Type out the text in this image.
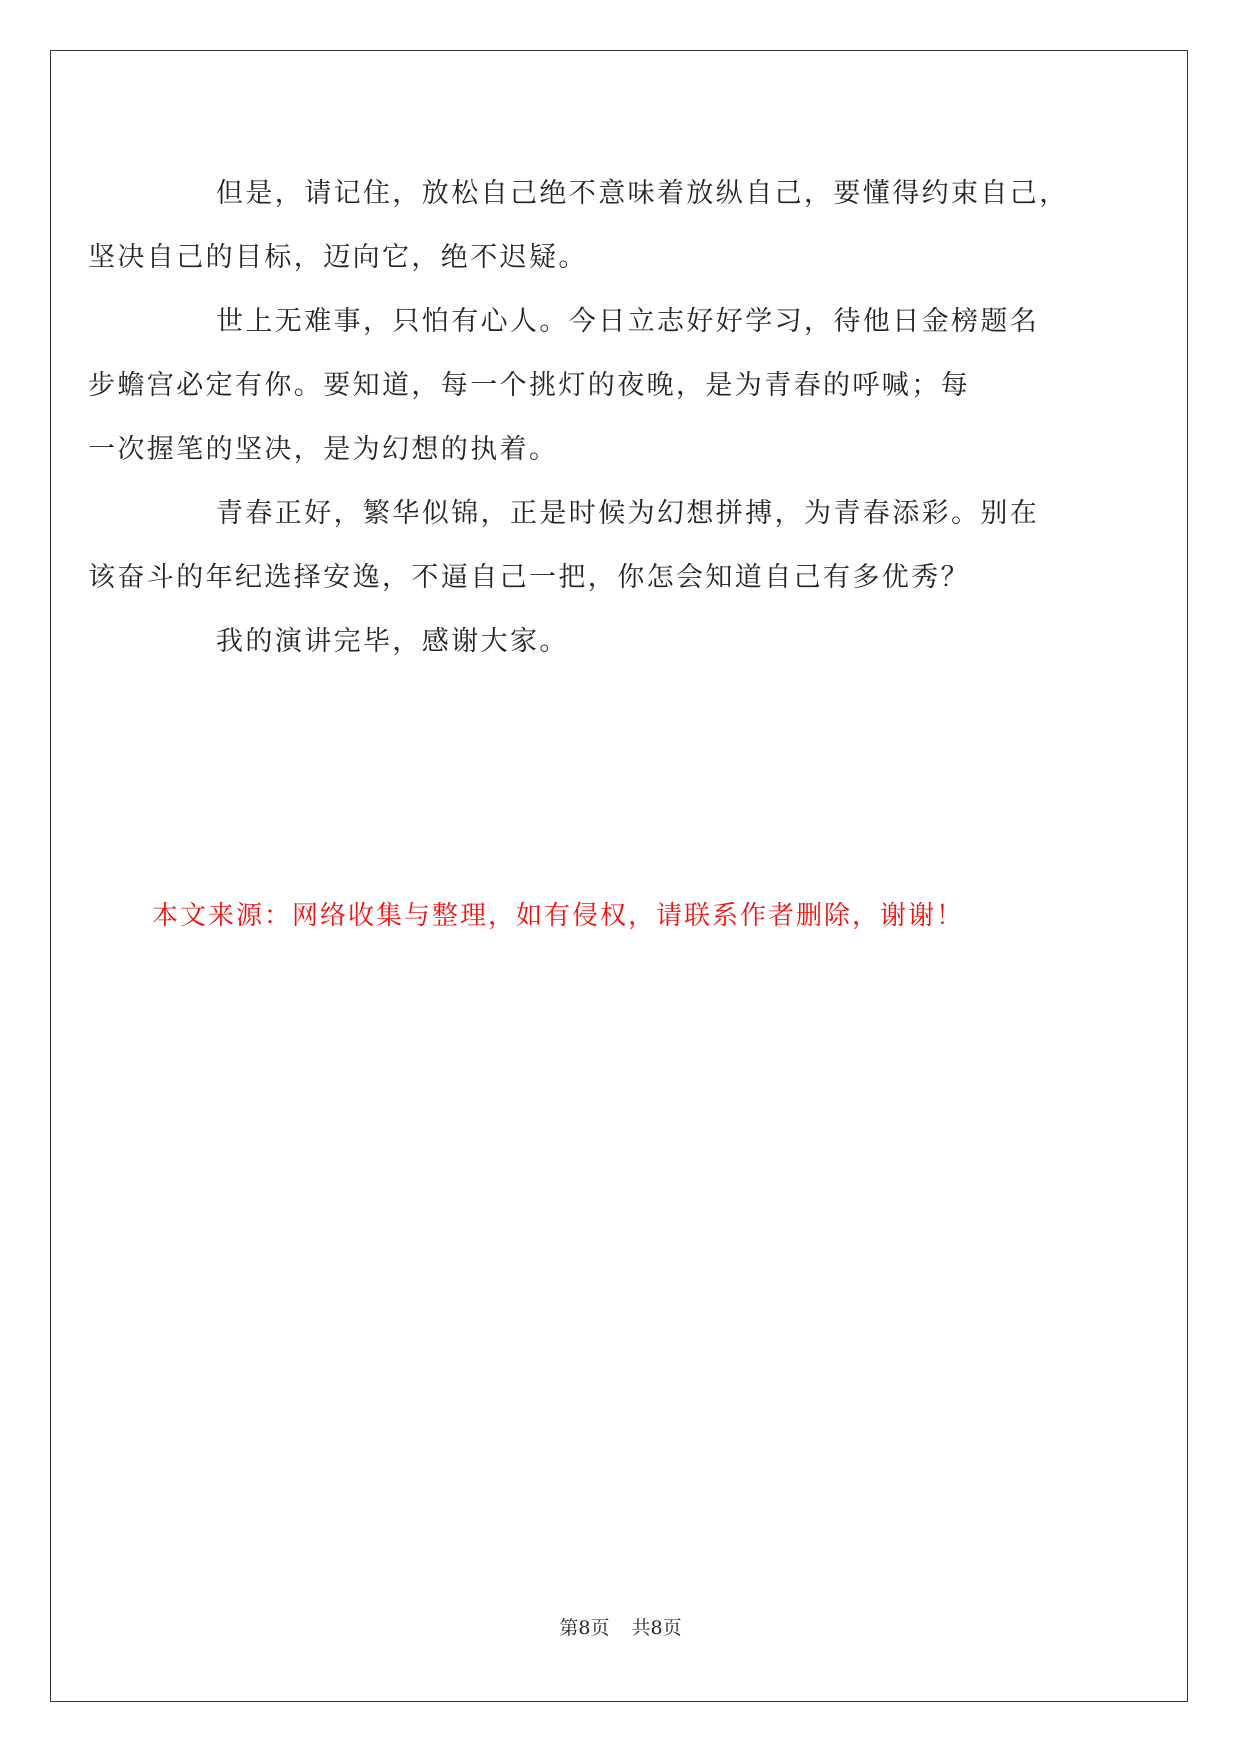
但是，请记住，放松自己绝不意味着放纵自己，要懂得约束自己，
坚决自己的目标，迈向它，绝不迟疑。

世上无难事，只怕有心人。今日立志好好学习，待他日金榜题名
步蟾宫必定有你。要知道，每一个挑灯的夜晚，是为青春的呼喊；每
一次握笔的坚决，是为幻想的执着。

青春正好，繁华似锦，正是时候为幻想拼搏，为青春添彩。别在
该奋斗的年纪选择安逸，不逼自己一把，你怎会知道自己有多优秀？

我的演讲完毕，感谢大家。

本文来源：网络收集与整理，如有侵权，请联系作者删除，谢谢！
第8页 共8页
